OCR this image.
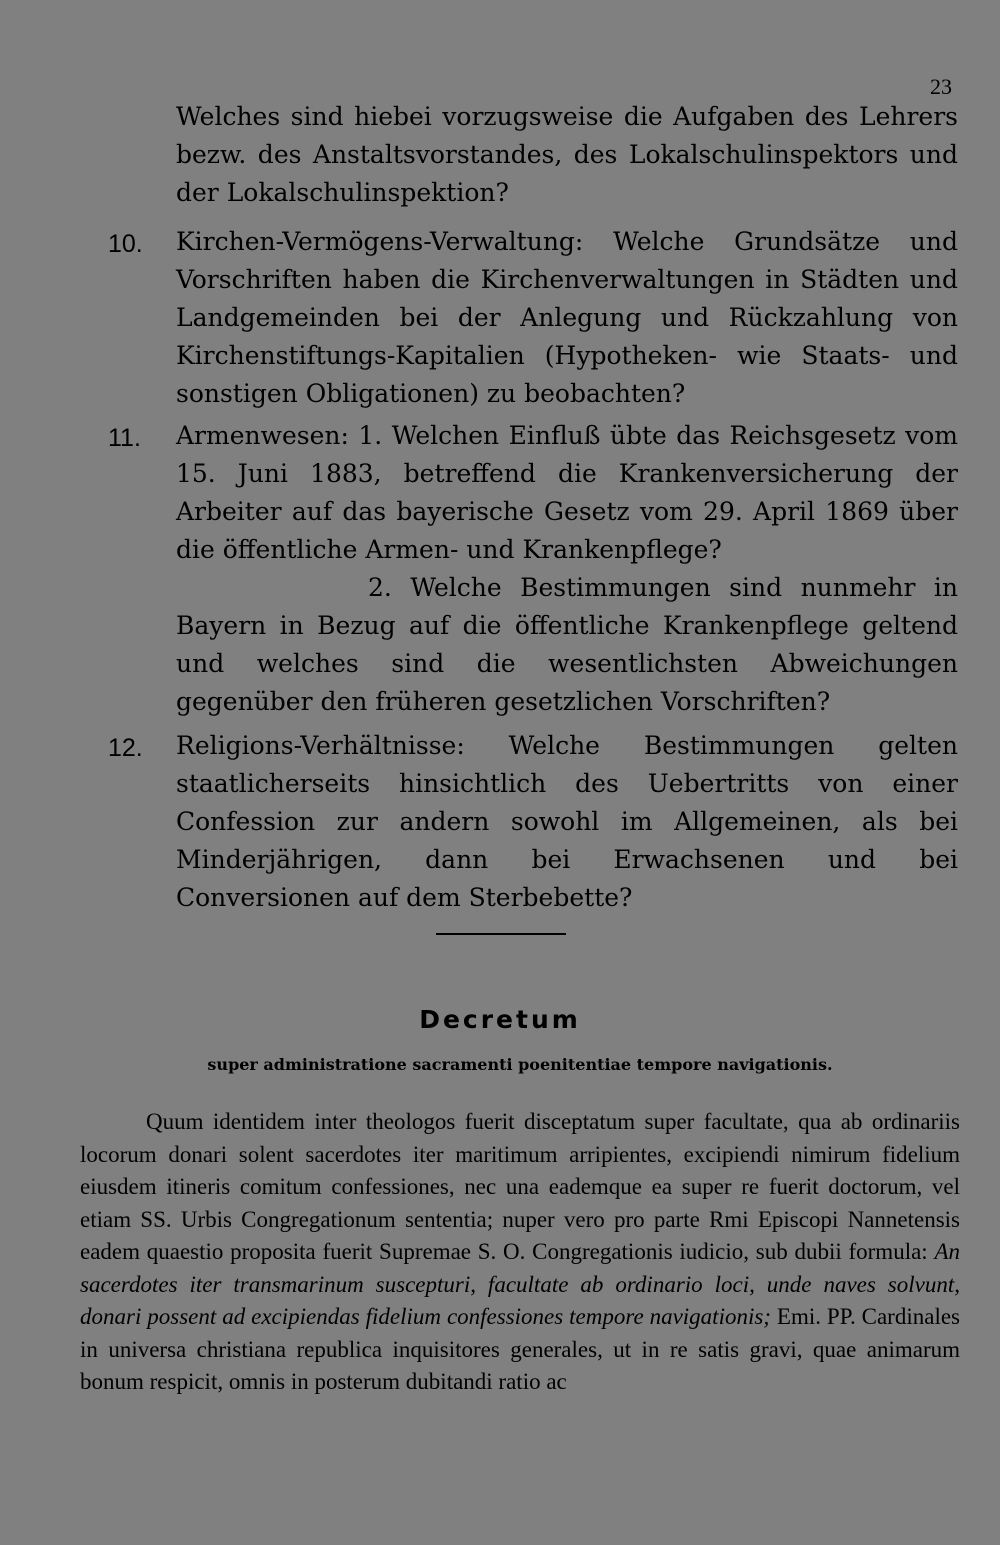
23
Welches sind hiebei vorzugsweise die Aufgaben des Lehrers bezw. des Anstaltsvorstandes, des Lokalschulinspektors und der Lokalschulinspektion?
10. Kirchen-Vermögens-Verwaltung: Welche Grundsätze und Vorschriften haben die Kirchenverwaltungen in Städten und Landgemeinden bei der Anlegung und Rückzahlung von Kirchenstiftungs-Kapitalien (Hypotheken- wie Staats- und sonstigen Obligationen) zu beobachten?
11. Armenwesen: 1. Welchen Einfluß übte das Reichsgesetz vom 15. Juni 1883, betreffend die Krankenversicherung der Arbeiter auf das bayerische Gesetz vom 29. April 1869 über die öffentliche Armen- und Krankenpflege?
2. Welche Bestimmungen sind nunmehr in Bayern in Bezug auf die öffentliche Krankenpflege geltend und welches sind die wesentlichsten Abweichungen gegenüber den früheren gesetzlichen Vorschriften?
12. Religions-Verhältnisse: Welche Bestimmungen gelten staatlicherseits hinsichtlich des Uebertritts von einer Confession zur andern sowohl im Allgemeinen, als bei Minderjährigen, dann bei Erwachsenen und bei Conversionen auf dem Sterbebette?
Decretum
super administratione sacramenti poenitentiae tempore navigationis.
Quum identidem inter theologos fuerit disceptatum super facultate, qua ab ordinariis locorum donari solent sacerdotes iter maritimum arripientes, excipiendi nimirum fidelium eiusdem itineris comitum confessiones, nec una eademque ea super re fuerit doctorum, vel etiam SS. Urbis Congregationum sententia; nuper vero pro parte Rmi Episcopi Nannetensis eadem quaestio proposita fuerit Supremae S. O. Congregationis iudicio, sub dubii formula: An sacerdotes iter transmarinum suscepturi, facultate ab ordinario loci, unde naves solvunt, donari possent ad excipiendas fidelium confessiones tempore navigationis; Emi. PP. Cardinales in universa christiana republica inquisitores generales, ut in re satis gravi, quae animarum bonum respicit, omnis in posterum dubitandi ratio ac
